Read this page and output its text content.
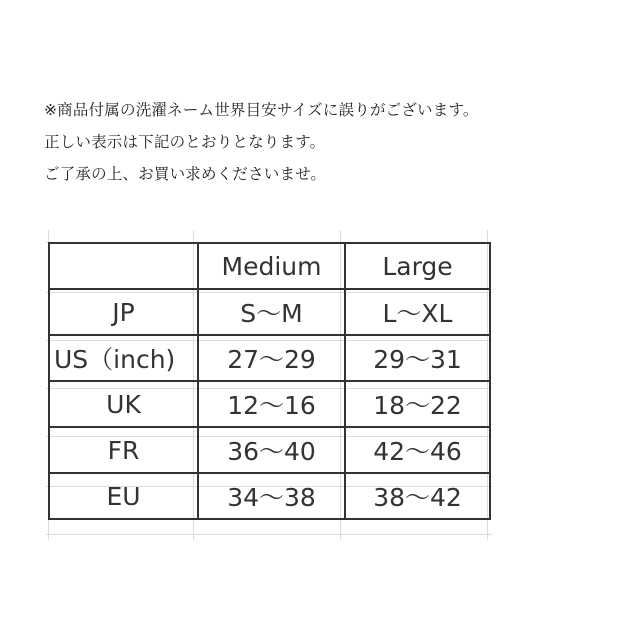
※商品付属の洗濯ネーム世界目安サイズに誤りがございます。
正しい表示は下記のとおりとなります。
ご了承の上、お買い求めくださいませ。
	Medium	Large
JP	S〜M	L〜XL
US（inch)	27〜29	29〜31
UK	12〜16	18〜22
FR	36〜40	42〜46
EU	34〜38	38〜42
